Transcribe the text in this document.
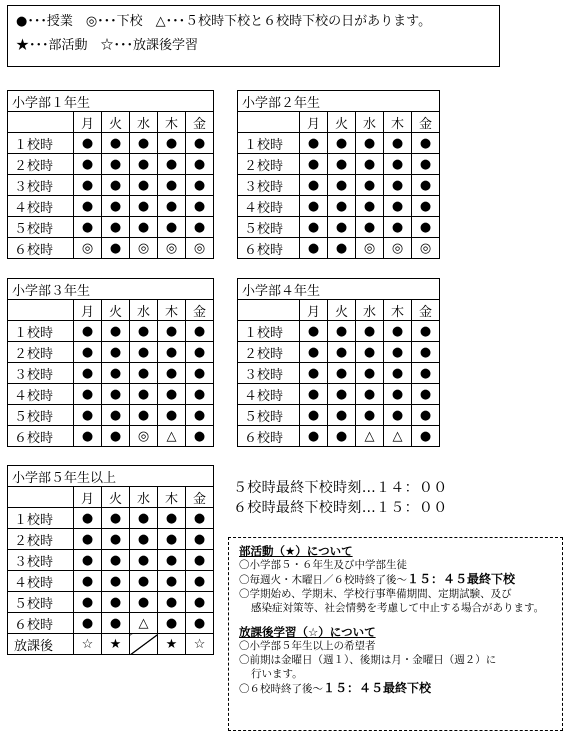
●･･･授業　◎･･･下校　△･･･５校時下校と６校時下校の日があります。
★･･･部活動　☆･･･放課後学習
小学部１年生					
	月	火	水	木	金
１校時	●	●	●	●	●
２校時	●	●	●	●	●
３校時	●	●	●	●	●
４校時	●	●	●	●	●
５校時	●	●	●	●	●
６校時	◎	●	◎	◎	◎
小学部２年生					
	月	火	水	木	金
１校時	●	●	●	●	●
２校時	●	●	●	●	●
３校時	●	●	●	●	●
４校時	●	●	●	●	●
５校時	●	●	●	●	●
６校時	●	●	◎	◎	◎
小学部３年生					
	月	火	水	木	金
１校時	●	●	●	●	●
２校時	●	●	●	●	●
３校時	●	●	●	●	●
４校時	●	●	●	●	●
５校時	●	●	●	●	●
６校時	●	●	◎	△	●
小学部４年生					
	月	火	水	木	金
１校時	●	●	●	●	●
２校時	●	●	●	●	●
３校時	●	●	●	●	●
４校時	●	●	●	●	●
５校時	●	●	●	●	●
６校時	●	●	△	△	●
小学部５年生以上					
	月	火	水	木	金
１校時	●	●	●	●	●
２校時	●	●	●	●	●
３校時	●	●	●	●	●
４校時	●	●	●	●	●
５校時	●	●	●	●	●
６校時	●	●	△	●	●
放課後	☆	★		★	☆
５校時最終下校時刻…１４：００
６校時最終下校時刻…１５：００
部活動（★）について
〇小学部５・６年生及び中学部生徒
〇毎週火・木曜日／６校時終了後～１５：４５最終下校
〇学期始め、学期末、学校行事準備期間、定期試験、及び
感染症対策等、社会情勢を考慮して中止する場合があります。
放課後学習（☆）について
〇小学部５年生以上の希望者
〇前期は金曜日（週１）、後期は月・金曜日（週２）に
行います。
〇６校時終了後～１５：４５最終下校
